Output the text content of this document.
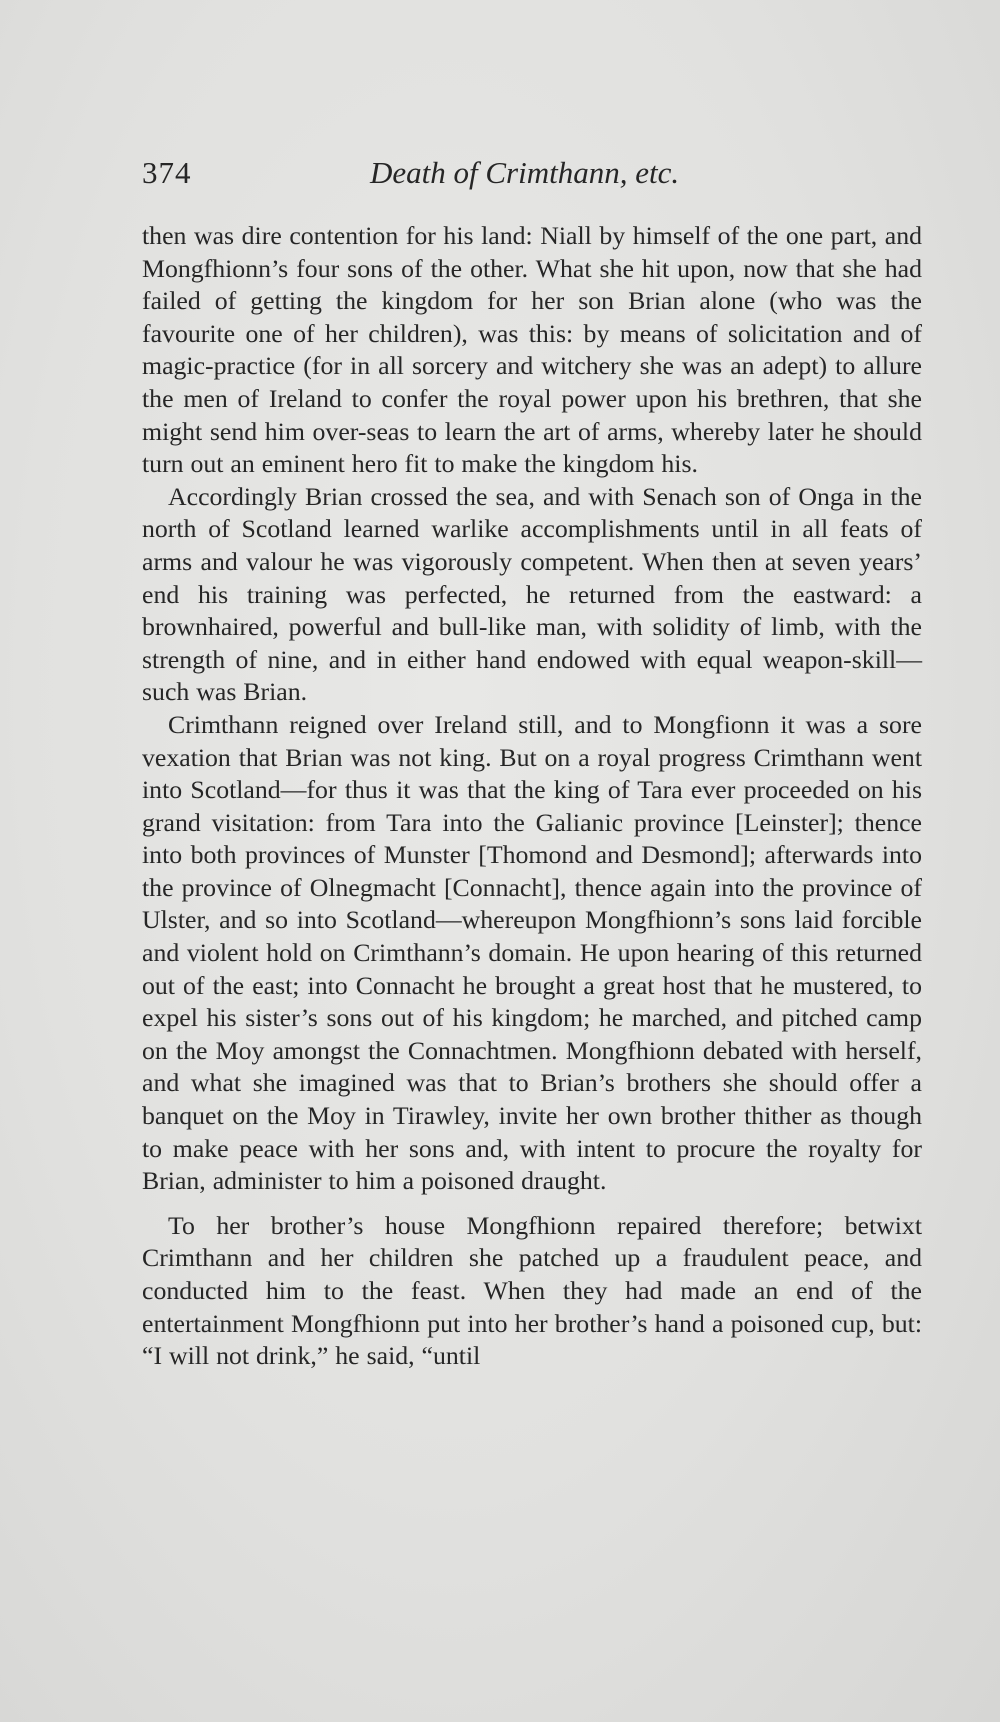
374	Death of Crimthann, etc.

then was dire contention for his land: Niall by himself of the one part, and Mongfhionn’s four sons of the other. What she hit upon, now that she had failed of getting the kingdom for her son Brian alone (who was the favourite one of her children), was this: by means of solicitation and of magic-practice (for in all sorcery and witchery she was an adept) to allure the men of Ireland to confer the royal power upon his brethren, that she might send him over-seas to learn the art of arms, whereby later he should turn out an eminent hero fit to make the kingdom his.

Accordingly Brian crossed the sea, and with Senach son of Onga in the north of Scotland learned warlike accomplishments until in all feats of arms and valour he was vigorously competent. When then at seven years’ end his training was perfected, he returned from the eastward: a brownhaired, powerful and bull-like man, with solidity of limb, with the strength of nine, and in either hand endowed with equal weapon-skill—such was Brian.

Crimthann reigned over Ireland still, and to Mongfionn it was a sore vexation that Brian was not king. But on a royal progress Crimthann went into Scotland—for thus it was that the king of Tara ever proceeded on his grand visitation: from Tara into the Galianic province [Leinster]; thence into both provinces of Munster [Thomond and Desmond]; afterwards into the province of Olnegmacht [Connacht], thence again into the province of Ulster, and so into Scotland—whereupon Mongfhionn’s sons laid forcible and violent hold on Crimthann’s domain. He upon hearing of this returned out of the east; into Connacht he brought a great host that he mustered, to expel his sister’s sons out of his kingdom; he marched, and pitched camp on the Moy amongst the Connachtmen. Mongfhionn debated with herself, and what she imagined was that to Brian’s brothers she should offer a banquet on the Moy in Tirawley, invite her own brother thither as though to make peace with her sons and, with intent to procure the royalty for Brian, administer to him a poisoned draught.

To her brother’s house Mongfhionn repaired therefore; betwixt Crimthann and her children she patched up a fraudulent peace, and conducted him to the feast. When they had made an end of the entertainment Mongfhionn put into her brother’s hand a poisoned cup, but: “I will not drink,” he said, “until
